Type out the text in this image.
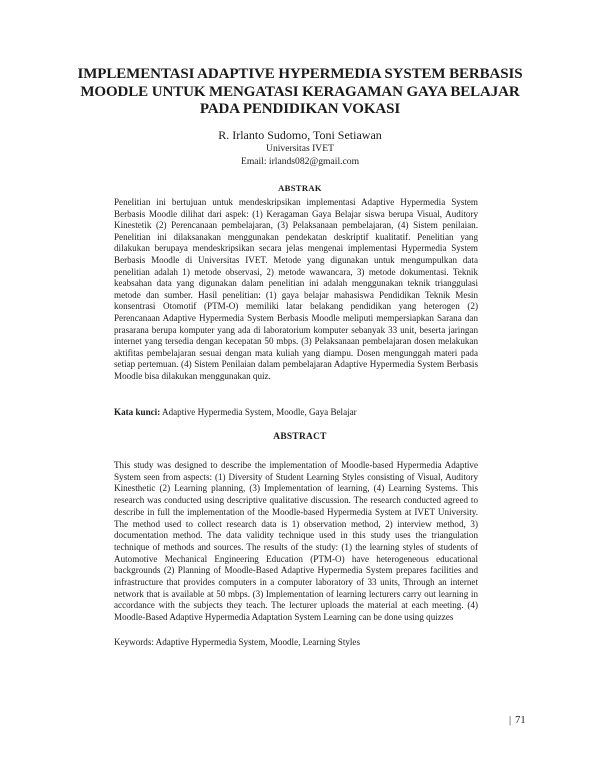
IMPLEMENTASI ADAPTIVE HYPERMEDIA SYSTEM BERBASIS MOODLE UNTUK MENGATASI KERAGAMAN GAYA BELAJAR PADA PENDIDIKAN VOKASI
R. Irlanto Sudomo, Toni Setiawan
Universitas IVET
Email: irlands082@gmail.com
ABSTRAK
Penelitian ini bertujuan untuk mendeskripsikan implementasi Adaptive Hypermedia System Berbasis Moodle dilihat dari aspek: (1) Keragaman Gaya Belajar siswa berupa Visual, Auditory Kinestetik (2) Perencanaan pembelajaran, (3) Pelaksanaan pembelajaran, (4) Sistem penilaian. Penelitian ini dilaksanakan menggunakan pendekatan deskriptif kualitatif. Penelitian yang dilakukan berupaya mendeskripsikan secara jelas mengenai implementasi Hypermedia System Berbasis Moodle di Universitas IVET. Metode yang digunakan untuk mengumpulkan data penelitian adalah 1) metode observasi, 2) metode wawancara, 3) metode dokumentasi. Teknik keabsahan data yang digunakan dalam penelitian ini adalah menggunakan teknik trianggulasi metode dan sumber. Hasil penelitian: (1) gaya belajar mahasiswa Pendidikan Teknik Mesin konsentrasi Otomotif (PTM-O) memiliki latar belakang pendidikan yang heterogen (2) Perencanaan Adaptive Hypermedia System Berbasis Moodle meliputi mempersiapkan Sarana dan prasarana berupa komputer yang ada di laboratorium komputer sebanyak 33 unit, beserta jaringan internet yang tersedia dengan kecepatan 50 mbps. (3) Pelaksanaan pembelajaran dosen melakukan aktifitas pembelajaran sesuai dengan mata kuliah yang diampu. Dosen mengunggah materi pada setiap pertemuan. (4) Sistem Penilaian dalam pembelajaran Adaptive Hypermedia System Berbasis Moodle bisa dilakukan menggunakan quiz.
Kata kunci: Adaptive Hypermedia System, Moodle, Gaya Belajar
ABSTRACT
This study was designed to describe the implementation of Moodle-based Hypermedia Adaptive System seen from aspects: (1) Diversity of Student Learning Styles consisting of Visual, Auditory Kinesthetic (2) Learning planning, (3) Implementation of learning, (4) Learning Systems. This research was conducted using descriptive qualitative discussion. The research conducted agreed to describe in full the implementation of the Moodle-based Hypermedia System at IVET University. The method used to collect research data is 1) observation method, 2) interview method, 3) documentation method. The data validity technique used in this study uses the triangulation technique of methods and sources. The results of the study: (1) the learning styles of students of Automotive Mechanical Engineering Education (PTM-O) have heterogeneous educational backgrounds (2) Planning of Moodle-Based Adaptive Hypermedia System prepares facilities and infrastructure that provides computers in a computer laboratory of 33 units, Through an internet network that is available at 50 mbps. (3) Implementation of learning lecturers carry out learning in accordance with the subjects they teach. The lecturer uploads the material at each meeting. (4) Moodle-Based Adaptive Hypermedia Adaptation System Learning can be done using quizzes
Keywords: Adaptive Hypermedia System, Moodle, Learning Styles
| 71
